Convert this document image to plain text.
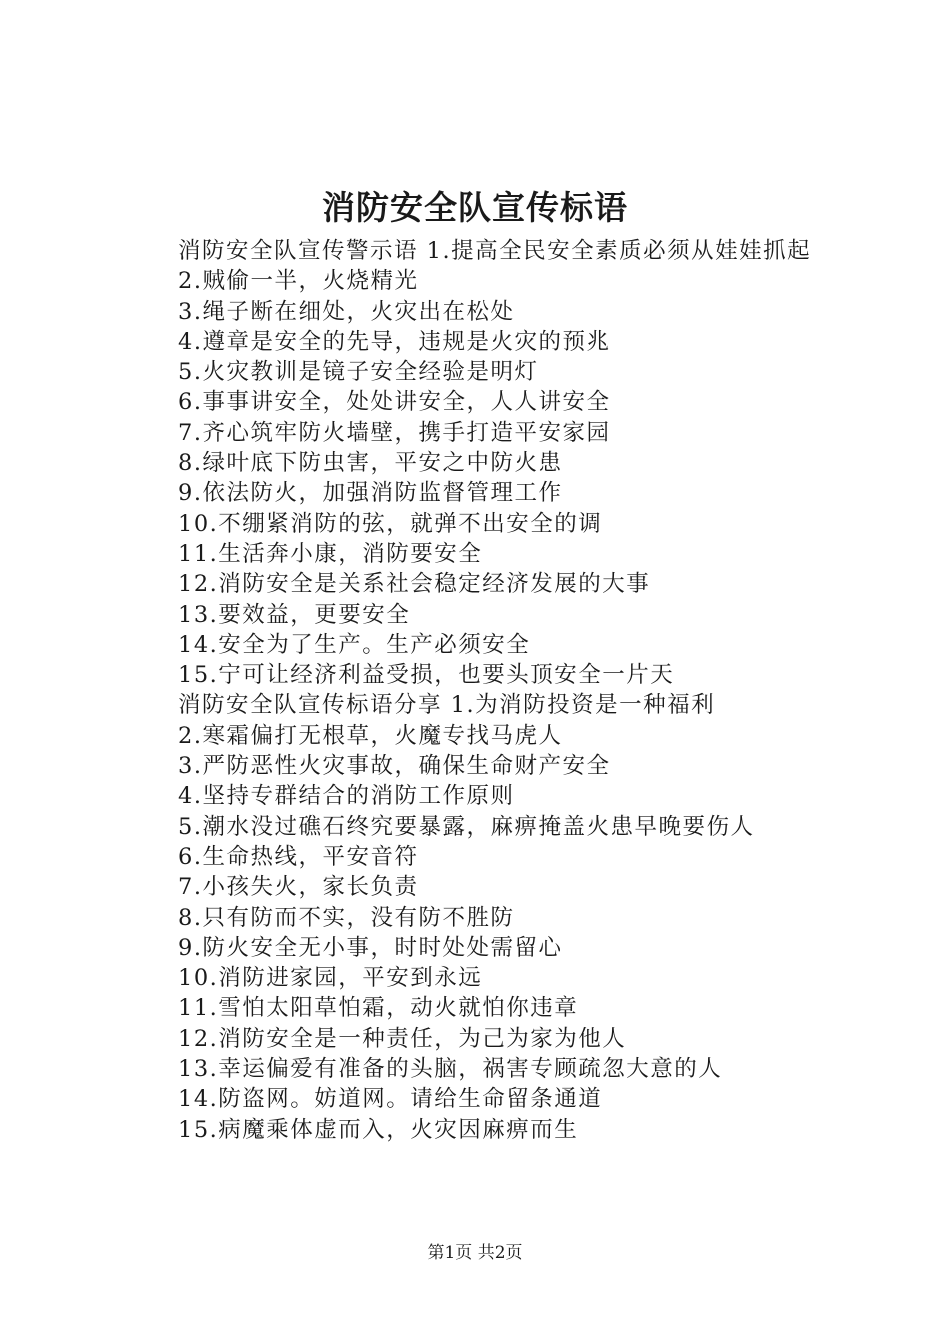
消防安全队宣传标语

消防安全队宣传警示语 1.提高全民安全素质必须从娃娃抓起

2.贼偷一半，火烧精光

3.绳子断在细处，火灾出在松处

4.遵章是安全的先导，违规是火灾的预兆

5.火灾教训是镜子安全经验是明灯

6.事事讲安全，处处讲安全，人人讲安全

7.齐心筑牢防火墙壁，携手打造平安家园

8.绿叶底下防虫害，平安之中防火患

9.依法防火，加强消防监督管理工作

10.不绷紧消防的弦，就弹不出安全的调

11.生活奔小康，消防要安全

12.消防安全是关系社会稳定经济发展的大事

13.要效益，更要安全

14.安全为了生产。生产必须安全

15.宁可让经济利益受损，也要头顶安全一片天

消防安全队宣传标语分享 1.为消防投资是一种福利

2.寒霜偏打无根草，火魔专找马虎人

3.严防恶性火灾事故，确保生命财产安全

4.坚持专群结合的消防工作原则

5.潮水没过礁石终究要暴露，麻痹掩盖火患早晚要伤人

6.生命热线，平安音符

7.小孩失火，家长负责

8.只有防而不实，没有防不胜防

9.防火安全无小事，时时处处需留心

10.消防进家园，平安到永远

11.雪怕太阳草怕霜，动火就怕你违章

12.消防安全是一种责任，为己为家为他人

13.幸运偏爱有准备的头脑，祸害专顾疏忽大意的人

14.防盗网。妨道网。请给生命留条通道

15.病魔乘体虚而入，火灾因麻痹而生

第1页 共2页
